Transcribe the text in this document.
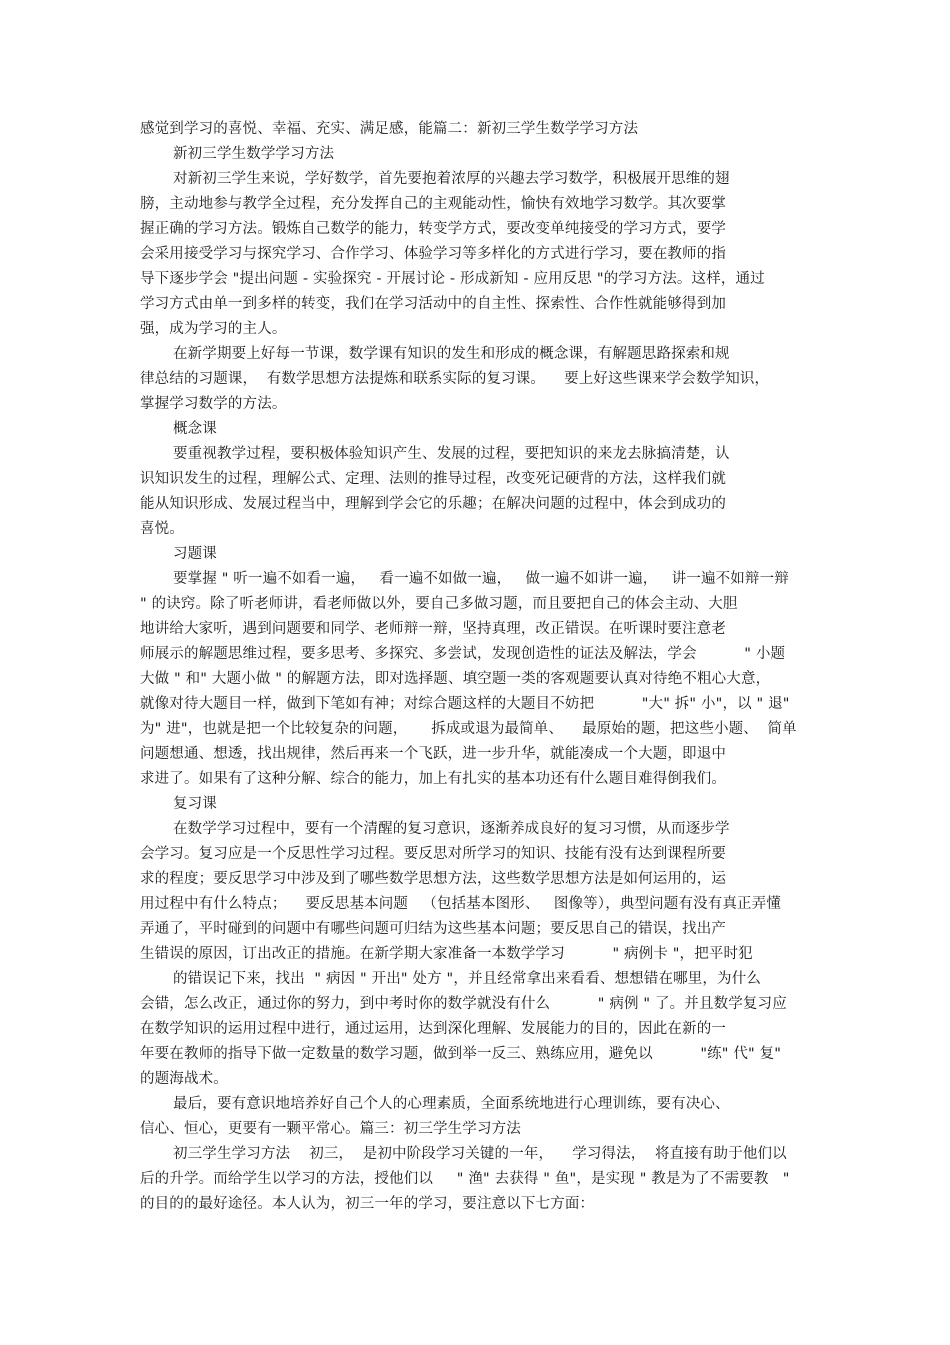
感觉到学习的喜悦、幸福、充实、满足感，能篇二：新初三学生数学学习方法
新初三学生数学学习方法
对新初三学生来说，学好数学，首先要抱着浓厚的兴趣去学习数学，积极展开思维的翅
膀，主动地参与教学全过程，充分发挥自己的主观能动性，愉快有效地学习数学。其次要掌
握正确的学习方法。锻炼自己数学的能力，转变学方式，要改变单纯接受的学习方式，要学
会采用接受学习与探究学习、合作学习、体验学习等多样化的方式进行学习，要在教师的指
导下逐步学会 "提出问题 - 实验探究 - 开展讨论 - 形成新知 - 应用反思 "的学习方法。这样，通过
学习方式由单一到多样的转变，我们在学习活动中的自主性、探索性、合作性就能够得到加
强，成为学习的主人。
在新学期要上好每一节课，数学课有知识的发生和形成的概念课，有解题思路探索和规
律总结的习题课，  有数学思想方法提炼和联系实际的复习课。    要上好这些课来学会数学知识，
掌握学习数学的方法。
概念课
要重视教学过程，要积极体验知识产生、发展的过程，要把知识的来龙去脉搞清楚，认
识知识发生的过程，理解公式、定理、法则的推导过程，改变死记硬背的方法，这样我们就
能从知识形成、发展过程当中，理解到学会它的乐趣；在解决问题的过程中，体会到成功的
喜悦。
习题课
要掌握 " 听一遍不如看一遍，   看一遍不如做一遍，   做一遍不如讲一遍，   讲一遍不如辩一辩
" 的诀窍。除了听老师讲，看老师做以外，要自己多做习题，而且要把自己的体会主动、大胆
地讲给大家听，遇到问题要和同学、老师辩一辩，坚持真理，改正错误。在听课时要注意老
师展示的解题思维过程，要多思考、多探究、多尝试，发现创造性的证法及解法，学会          " 小题
大做 " 和" 大题小做 " 的解题方法，即对选择题、填空题一类的客观题要认真对待绝不粗心大意，
就像对待大题目一样，做到下笔如有神；对综合题这样的大题目不妨把          "大" 拆" 小"，以 " 退"
为" 进"，也就是把一个比较复杂的问题，     拆成或退为最简单、    最原始的题，把这些小题、  简单
问题想通、想透，找出规律，然后再来一个飞跃，进一步升华，就能凑成一个大题，即退中
求进了。如果有了这种分解、综合的能力，加上有扎实的基本功还有什么题目难得倒我们。
复习课
在数学学习过程中，要有一个清醒的复习意识，逐渐养成良好的复习习惯，从而逐步学
会学习。复习应是一个反思性学习过程。要反思对所学习的知识、技能有没有达到课程所要
求的程度；要反思学习中涉及到了哪些数学思想方法，这些数学思想方法是如何运用的，运
用过程中有什么特点；    要反思基本问题   （包括基本图形、   图像等），典型问题有没有真正弄懂
弄通了，平时碰到的问题中有哪些问题可归结为这些基本问题；要反思自己的错误，找出产
生错误的原因，订出改正的措施。在新学期大家准备一本数学学习          " 病例卡 "，把平时犯
的错误记下来，找出  " 病因 " 开出" 处方 "，并且经常拿出来看看、想想错在哪里，为什么
会错，怎么改正，通过你的努力，到中考时你的数学就没有什么          " 病例 " 了。并且数学复习应
在数学知识的运用过程中进行，通过运用，达到深化理解、发展能力的目的，因此在新的一
年要在教师的指导下做一定数量的数学习题，做到举一反三、熟练应用，避免以          "练" 代" 复"
的题海战术。
最后，要有意识地培养好自己个人的心理素质，全面系统地进行心理训练，要有决心、
信心、恒心，更要有一颗平常心。篇三：初三学生学习方法
初三学生学习方法    初三，  是初中阶段学习关键的一年，    学习得法，  将直接有助于他们以
后的升学。而给学生以学习的方法，授他们以     " 渔" 去获得 " 鱼"，是实现 " 教是为了不需要教   "
的目的的最好途径。本人认为，初三一年的学习，要注意以下七方面：
